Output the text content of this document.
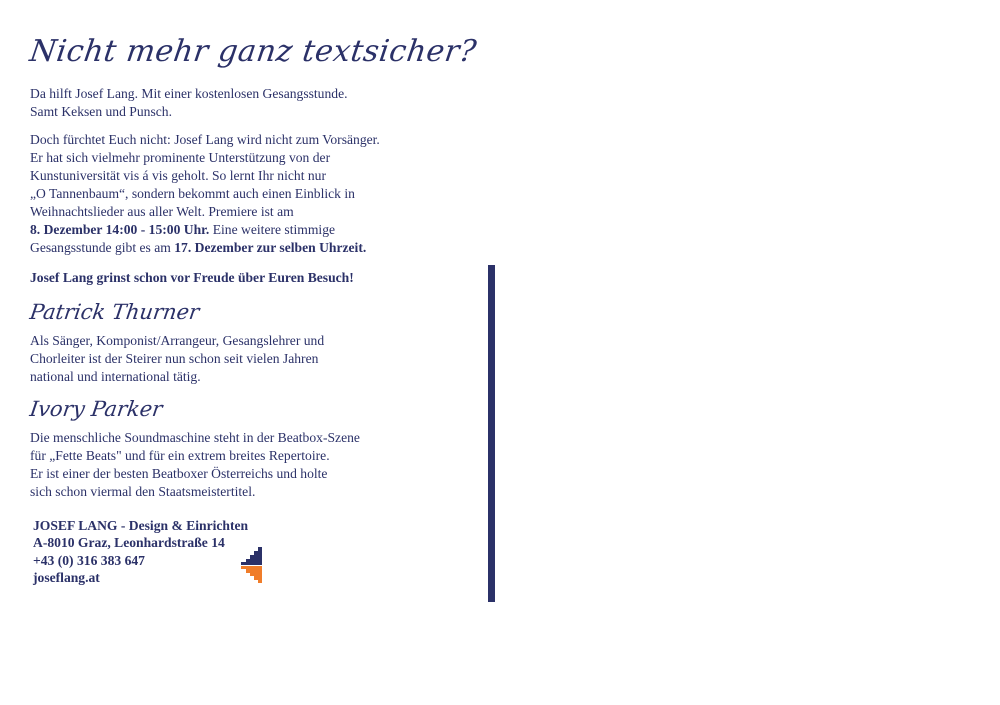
Nicht mehr ganz textsicher?
Da hilft Josef Lang. Mit einer kostenlosen Gesangsstunde.
Samt Keksen und Punsch.
Doch fürchtet Euch nicht: Josef Lang wird nicht zum Vorsänger.
Er hat sich vielmehr prominente Unterstützung von der
Kunstuniversität vis á vis geholt. So lernt Ihr nicht nur
„O Tannenbaum“, sondern bekommt auch einen Einblick in
Weihnachtslieder aus aller Welt. Premiere ist am
8. Dezember 14:00 - 15:00 Uhr. Eine weitere stimmige
Gesangsstunde gibt es am 17. Dezember zur selben Uhrzeit.
Josef Lang grinst schon vor Freude über Euren Besuch!
Patrick Thurner
Als Sänger, Komponist/Arrangeur, Gesangslehrer und
Chorleiter ist der Steirer nun schon seit vielen Jahren
national und international tätig.
Ivory Parker
Die menschliche Soundmaschine steht in der Beatbox-Szene
für „Fette Beats" und für ein extrem breites Repertoire.
Er ist einer der besten Beatboxer Österreichs und holte
sich schon viermal den Staatsmeistertitel.
JOSEF LANG - Design & Einrichten
A-8010 Graz, Leonhardstraße 14
+43 (0) 316 383 647
joseflang.at
